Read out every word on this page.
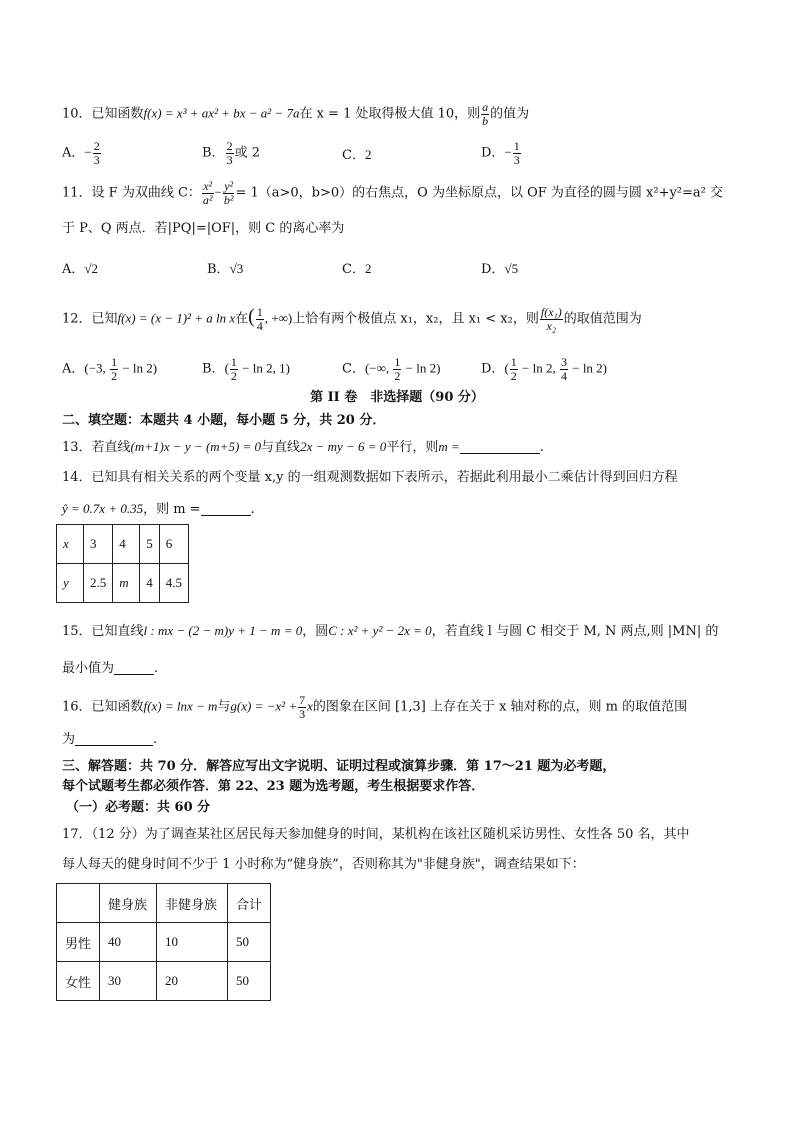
10．已知函数f(x) = x³ + ax² + bx − a² − 7a在 x = 1 处取得极大值 10，则 $\frac{a}{b}$ 的值为
A．− $\frac{2}{3}$	B． $\frac{2}{3}$ 或 2	C．2	D．− $\frac{1}{3}$
11．设 F 为双曲线 C： $\frac{\text{x²}}{\text{a²}} - \frac{\text{y²}}{\text{b²}} = 1(a>0$，b>0）的右焦点，O 为坐标原点，以 OF 为直径的圆与圆 x²+y²=a² 交
于 P、Q 两点．若|PQ|=|OF|，则 C 的离心率为
A．√2	B．√3	C．2	D．√5
12．已知f(x) = (x − 1)² + a ln x在( $\frac{1}{4}$ , +∞)上恰有两个极值点 x₁，x₂，且 x₁ < x₂，则 $\frac{\text{f(x₁)}}{\text{x₂}}$ 的取值范围为
A．(−3, $\frac{1}{2} - \ln 2$)	B．( $\frac{1}{2} - \ln 2$, 1)	C．(−∞, $\frac{1}{2} - \ln 2$)	D．( $\frac{1}{2} - \ln 2$, $\frac{3}{4} - \ln 2$)
第 II 卷　非选择题（90 分）
二、填空题：本题共 4 小题，每小题 5 分，共 20 分．
13．若直线(m+1)x − y − (m+5) = 0与直线2x − my − 6 = 0平行，则m =	.
14．已知具有相关关系的两个变量 x,y 的一组观测数据如下表所示，若据此利用最小二乘估计得到回归方程
ŷ = 0.7x + 0.35，则 m =	.
x	3	4	5	6
y	2.5	m	4	4.5
15．已知直线l : mx − (2 − m)y + 1 − m = 0，圆C : x² + y² − 2x = 0，若直线 l 与圆 C 相交于 M, N 两点,则 |MN| 的
最小值为	.
16．已知函数f(x) = lnx − m与$g(x) = -x^2 + \frac{7}{3}$ x的图象在区间 [1,3] 上存在关于 x 轴对称的点，则 m 的取值范围
为	.
三、解答题：共 70 分．解答应写出文字说明、证明过程或演算步骤．第 17～21 题为必考题，
每个试题考生都必须作答．第 22、23 题为选考题，考生根据要求作答．
（一）必考题：共 60 分
17．（12 分）为了调查某社区居民每天参加健身的时间，某机构在该社区随机采访男性、女性各 50 名，其中
每人每天的健身时间不少于 1 小时称为“健身族”，否则称其为"非健身族"，调查结果如下：
	健身族	非健身族	合计
男性	40	10	50
女性	30	20	50
